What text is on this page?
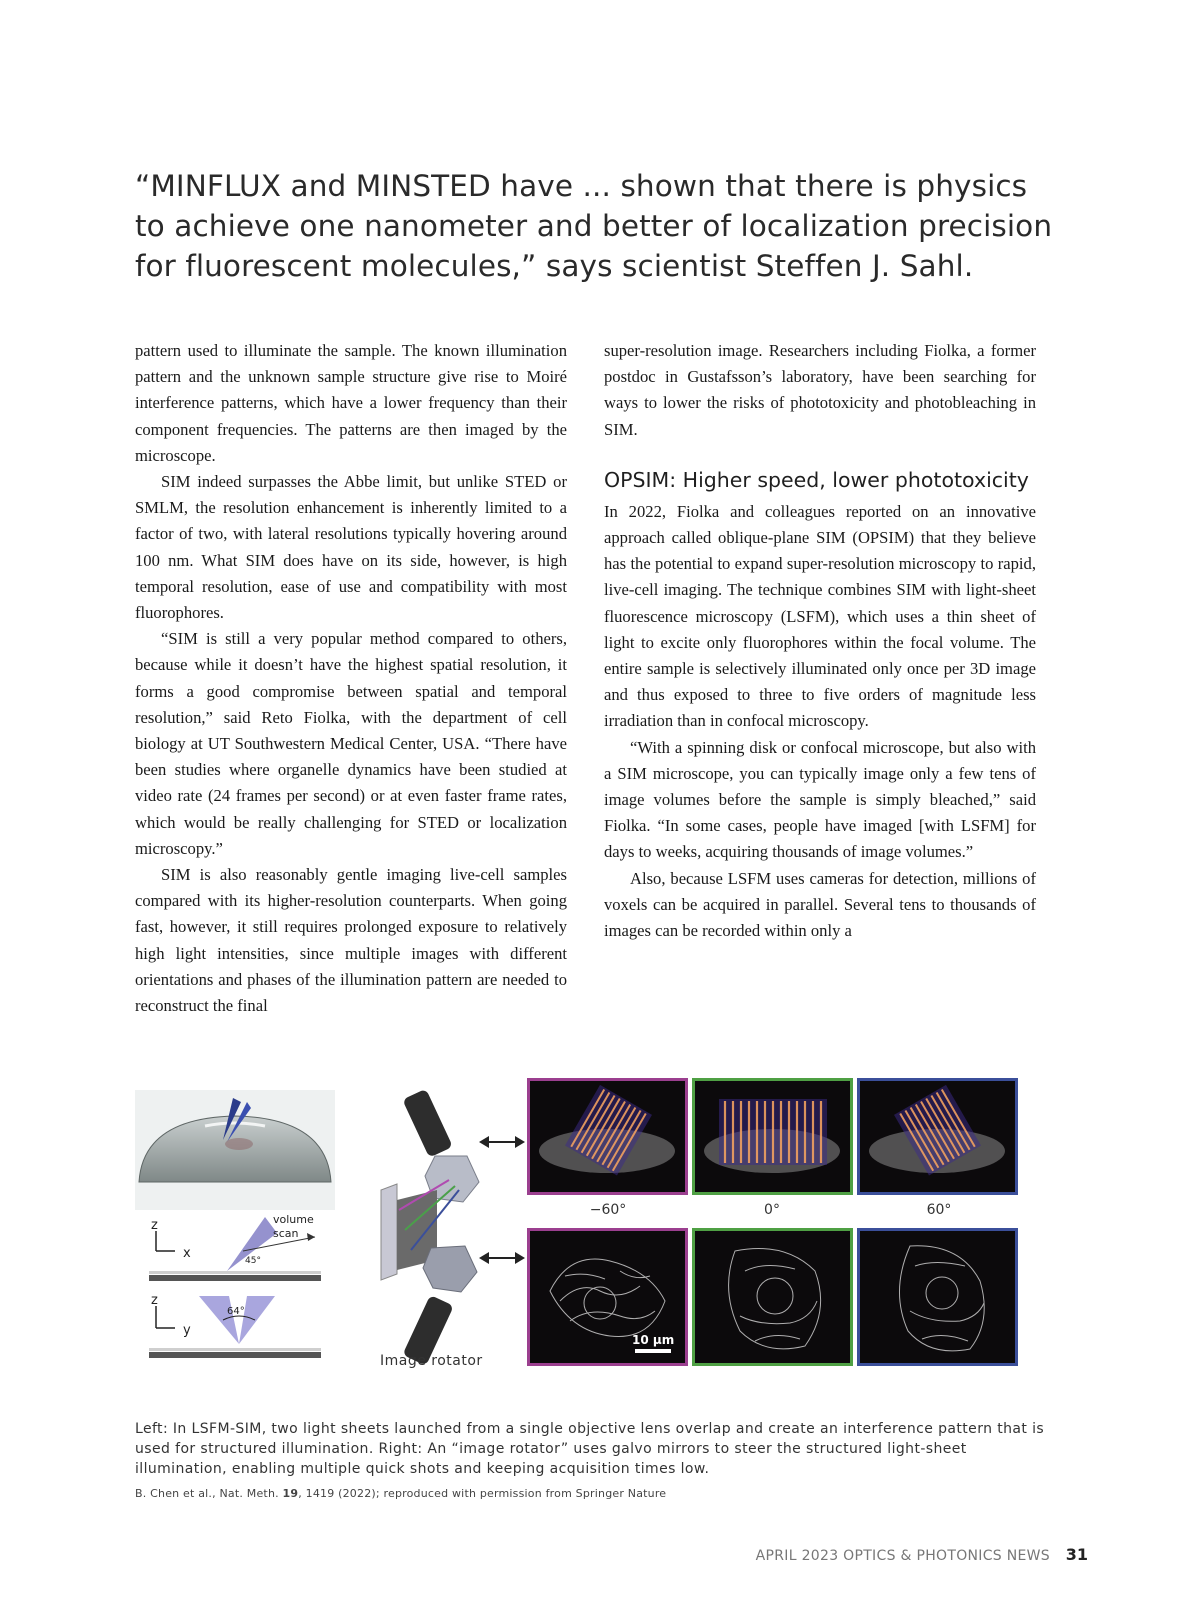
“MINFLUX and MINSTED have ... shown that there is physics to achieve one nanometer and better of localization precision for fluorescent molecules,” says scientist Steffen J. Sahl.

pattern used to illuminate the sample. The known illumination pattern and the unknown sample structure give rise to Moiré interference patterns, which have a lower frequency than their component frequencies. The patterns are then imaged by the microscope.

SIM indeed surpasses the Abbe limit, but unlike STED or SMLM, the resolution enhancement is inherently limited to a factor of two, with lateral resolutions typically hovering around 100 nm. What SIM does have on its side, however, is high temporal resolution, ease of use and compatibility with most fluorophores.

“SIM is still a very popular method compared to others, because while it doesn’t have the highest spatial resolution, it forms a good compromise between spatial and temporal resolution,” said Reto Fiolka, with the department of cell biology at UT Southwestern Medical Center, USA. “There have been studies where organelle dynamics have been studied at video rate (24 frames per second) or at even faster frame rates, which would be really challenging for STED or localization microscopy.”

SIM is also reasonably gentle imaging live-cell samples compared with its higher-resolution counterparts. When going fast, however, it still requires prolonged exposure to relatively high light intensities, since multiple images with different orientations and phases of the illumination pattern are needed to reconstruct the final

super-resolution image. Researchers including Fiolka, a former postdoc in Gustafsson’s laboratory, have been searching for ways to lower the risks of phototoxicity and photobleaching in SIM.

OPSIM: Higher speed, lower phototoxicity

In 2022, Fiolka and colleagues reported on an innovative approach called oblique-plane SIM (OPSIM) that they believe has the potential to expand super-resolution microscopy to rapid, live-cell imaging. The technique combines SIM with light-sheet fluorescence microscopy (LSFM), which uses a thin sheet of light to excite only fluorophores within the focal volume. The entire sample is selectively illuminated only once per 3D image and thus exposed to three to five orders of magnitude less irradiation than in confocal microscopy.

“With a spinning disk or confocal microscope, but also with a SIM microscope, you can typically image only a few tens of image volumes before the sample is simply bleached,” said Fiolka. “In some cases, people have imaged [with LSFM] for days to weeks, acquiring thousands of image volumes.”

Also, because LSFM uses cameras for detection, millions of voxels can be acquired in parallel. Several tens to thousands of images can be recorded within only a

z
x
volume
scan
45°
z
y
64°
Image rotator
−60°	0°	60°
10 µm
Left: In LSFM-SIM, two light sheets launched from a single objective lens overlap and create an interference pattern that is used for structured illumination. Right: An “image rotator” uses galvo mirrors to steer the structured light-sheet illumination, enabling multiple quick shots and keeping acquisition times low.
B. Chen et al., Nat. Meth. 19, 1419 (2022); reproduced with permission from Springer Nature
APRIL 2023 OPTICS & PHOTONICS NEWS 31
